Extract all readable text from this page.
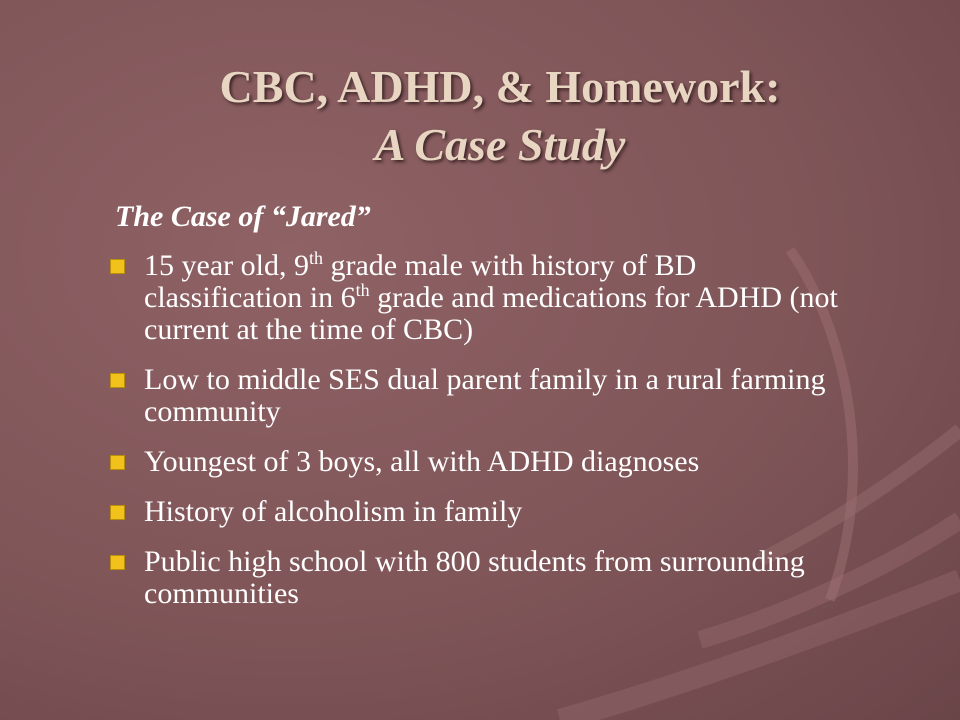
CBC, ADHD, & Homework:
A Case Study
The Case of “Jared”
15 year old, 9th grade male with history of BD classification in 6th grade and medications for ADHD (not current at the time of CBC)
Low to middle SES dual parent family in a rural farming community
Youngest of 3 boys, all with ADHD diagnoses
History of alcoholism in family
Public high school with 800 students from surrounding communities
